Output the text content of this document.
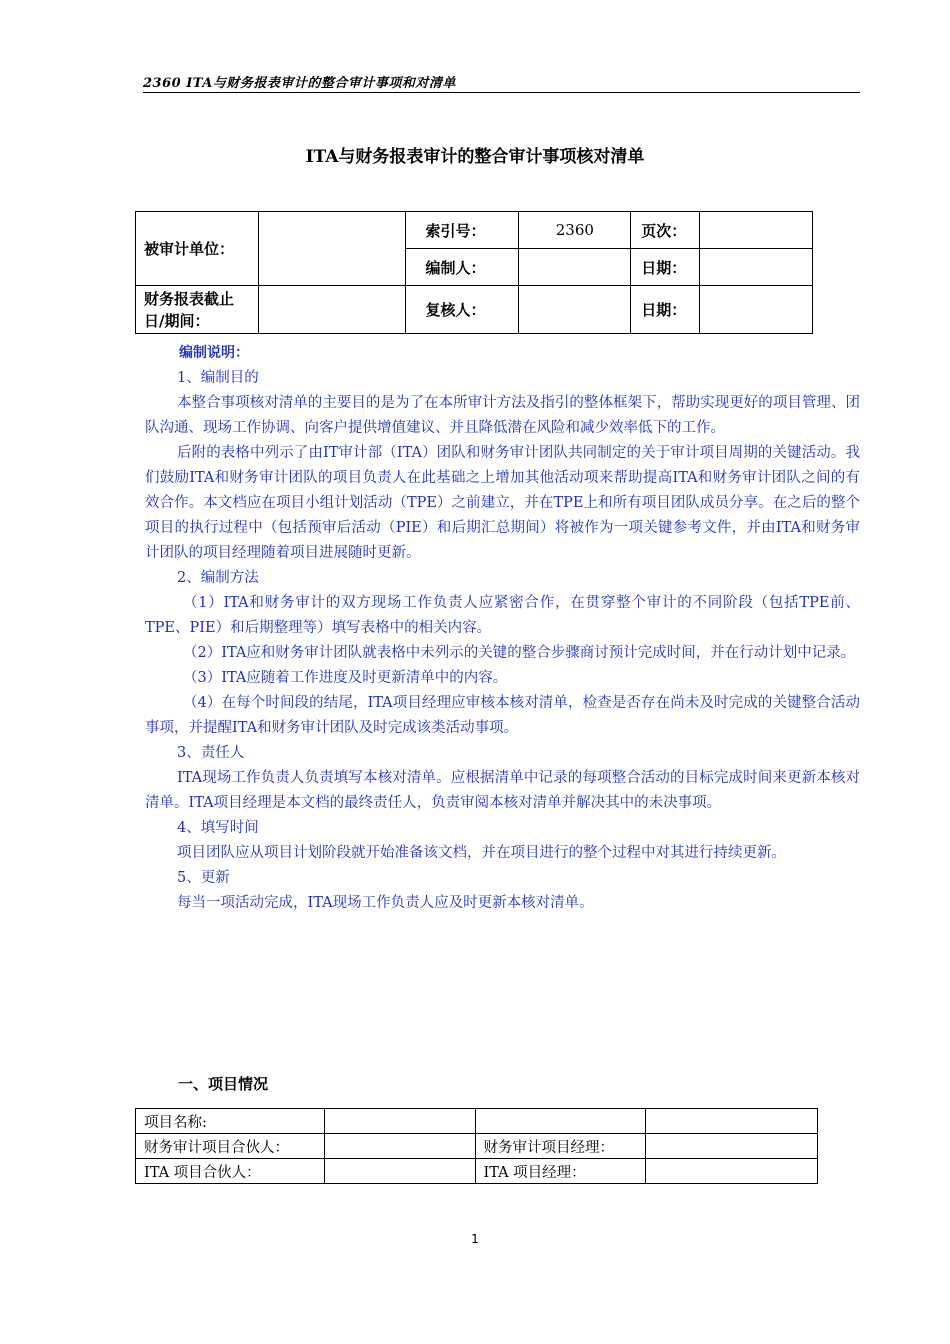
2360 ITA与财务报表审计的整合审计事项和对清单
ITA与财务报表审计的整合审计事项核对清单
被审计单位：		索引号：	2360	页次：	
		编制人：		日期：	
财务报表截止日/期间：		复核人：		日期：	

编制说明：

1、编制目的

本整合事项核对清单的主要目的是为了在本所审计方法及指引的整体框架下，帮助实现更好的项目管理、团队沟通、现场工作协调、向客户提供增值建议、并且降低潜在风险和减少效率低下的工作。

后附的表格中列示了由IT审计部（ITA）团队和财务审计团队共同制定的关于审计项目周期的关键活动。我们鼓励ITA和财务审计团队的项目负责人在此基础之上增加其他活动项来帮助提高ITA和财务审计团队之间的有效合作。本文档应在项目小组计划活动（TPE）之前建立，并在TPE上和所有项目团队成员分享。在之后的整个项目的执行过程中（包括预审后活动（PIE）和后期汇总期间）将被作为一项关键参考文件，并由ITA和财务审计团队的项目经理随着项目进展随时更新。

2、编制方法

（1）ITA和财务审计的双方现场工作负责人应紧密合作，在贯穿整个审计的不同阶段（包括TPE前、TPE、PIE）和后期整理等）填写表格中的相关内容。

（2）ITA应和财务审计团队就表格中未列示的关键的整合步骤商讨预计完成时间，并在行动计划中记录。

（3）ITA应随着工作进度及时更新清单中的内容。

（4）在每个时间段的结尾，ITA项目经理应审核本核对清单，检查是否存在尚未及时完成的关键整合活动事项，并提醒ITA和财务审计团队及时完成该类活动事项。

3、责任人

ITA现场工作负责人负责填写本核对清单。应根据清单中记录的每项整合活动的目标完成时间来更新本核对清单。ITA项目经理是本文档的最终责任人，负责审阅本核对清单并解决其中的未决事项。

4、填写时间

项目团队应从项目计划阶段就开始准备该文档，并在项目进行的整个过程中对其进行持续更新。

5、更新

每当一项活动完成，ITA现场工作负责人应及时更新本核对清单。

一、项目情况
项目名称:			
财务审计项目合伙人：		财务审计项目经理：	
ITA 项目合伙人：		ITA 项目经理：	
1
